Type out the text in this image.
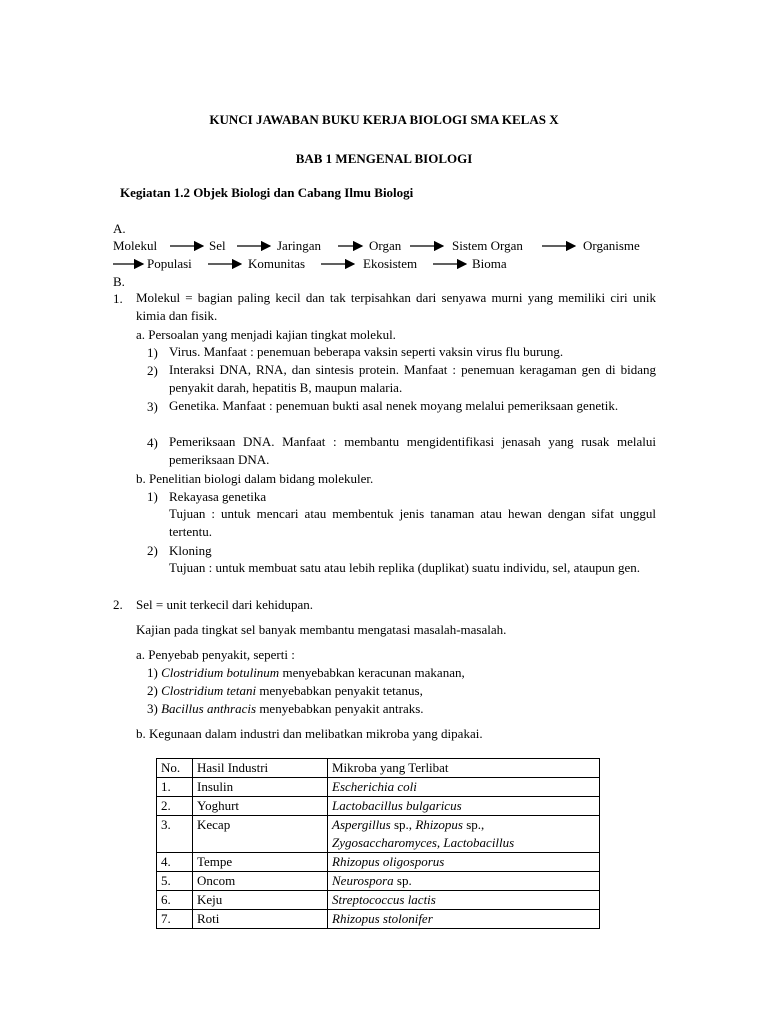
KUNCI JAWABAN BUKU KERJA BIOLOGI SMA KELAS X
BAB 1 MENGENAL BIOLOGI
Kegiatan 1.2 Objek Biologi dan Cabang Ilmu Biologi
A.
Molekul	Sel	Jaringan	Organ	Sistem Organ	Organisme
Populasi	Komunitas	Ekosistem	Bioma
B.
1. Molekul = bagian paling kecil dan tak terpisahkan dari senyawa murni yang memiliki ciri unik kimia dan fisik.
a. Persoalan yang menjadi kajian tingkat molekul.
1) Virus. Manfaat : penemuan beberapa vaksin seperti vaksin virus flu burung.
2) Interaksi DNA, RNA, dan sintesis protein. Manfaat : penemuan keragaman gen di bidang penyakit darah, hepatitis B, maupun malaria.
3) Genetika. Manfaat : penemuan bukti asal nenek moyang melalui pemeriksaan genetik.
4) Pemeriksaan DNA. Manfaat : membantu mengidentifikasi jenasah yang rusak melalui pemeriksaan DNA.
b. Penelitian biologi dalam bidang molekuler.
1) Rekayasa genetika
Tujuan : untuk mencari atau membentuk jenis tanaman atau hewan dengan sifat unggul tertentu.
2) Kloning
Tujuan : untuk membuat satu atau lebih replika (duplikat) suatu individu, sel, ataupun gen.
2. Sel = unit terkecil dari kehidupan.
Kajian pada tingkat sel banyak membantu mengatasi masalah-masalah.
a. Penyebab penyakit, seperti :
1) Clostridium botulinum menyebabkan keracunan makanan,
2) Clostridium tetani menyebabkan penyakit tetanus,
3) Bacillus anthracis menyebabkan penyakit antraks.
b. Kegunaan dalam industri dan melibatkan mikroba yang dipakai.
No.	Hasil Industri	Mikroba yang Terlibat
1.	Insulin	Escherichia coli
2.	Yoghurt	Lactobacillus bulgaricus
3.	Kecap	Aspergillus sp., Rhizopus sp.,
Zygosaccharomyces, Lactobacillus
4.	Tempe	Rhizopus oligosporus
5.	Oncom	Neurospora sp.
6.	Keju	Streptococcus lactis
7.	Roti	Rhizopus stolonifer
